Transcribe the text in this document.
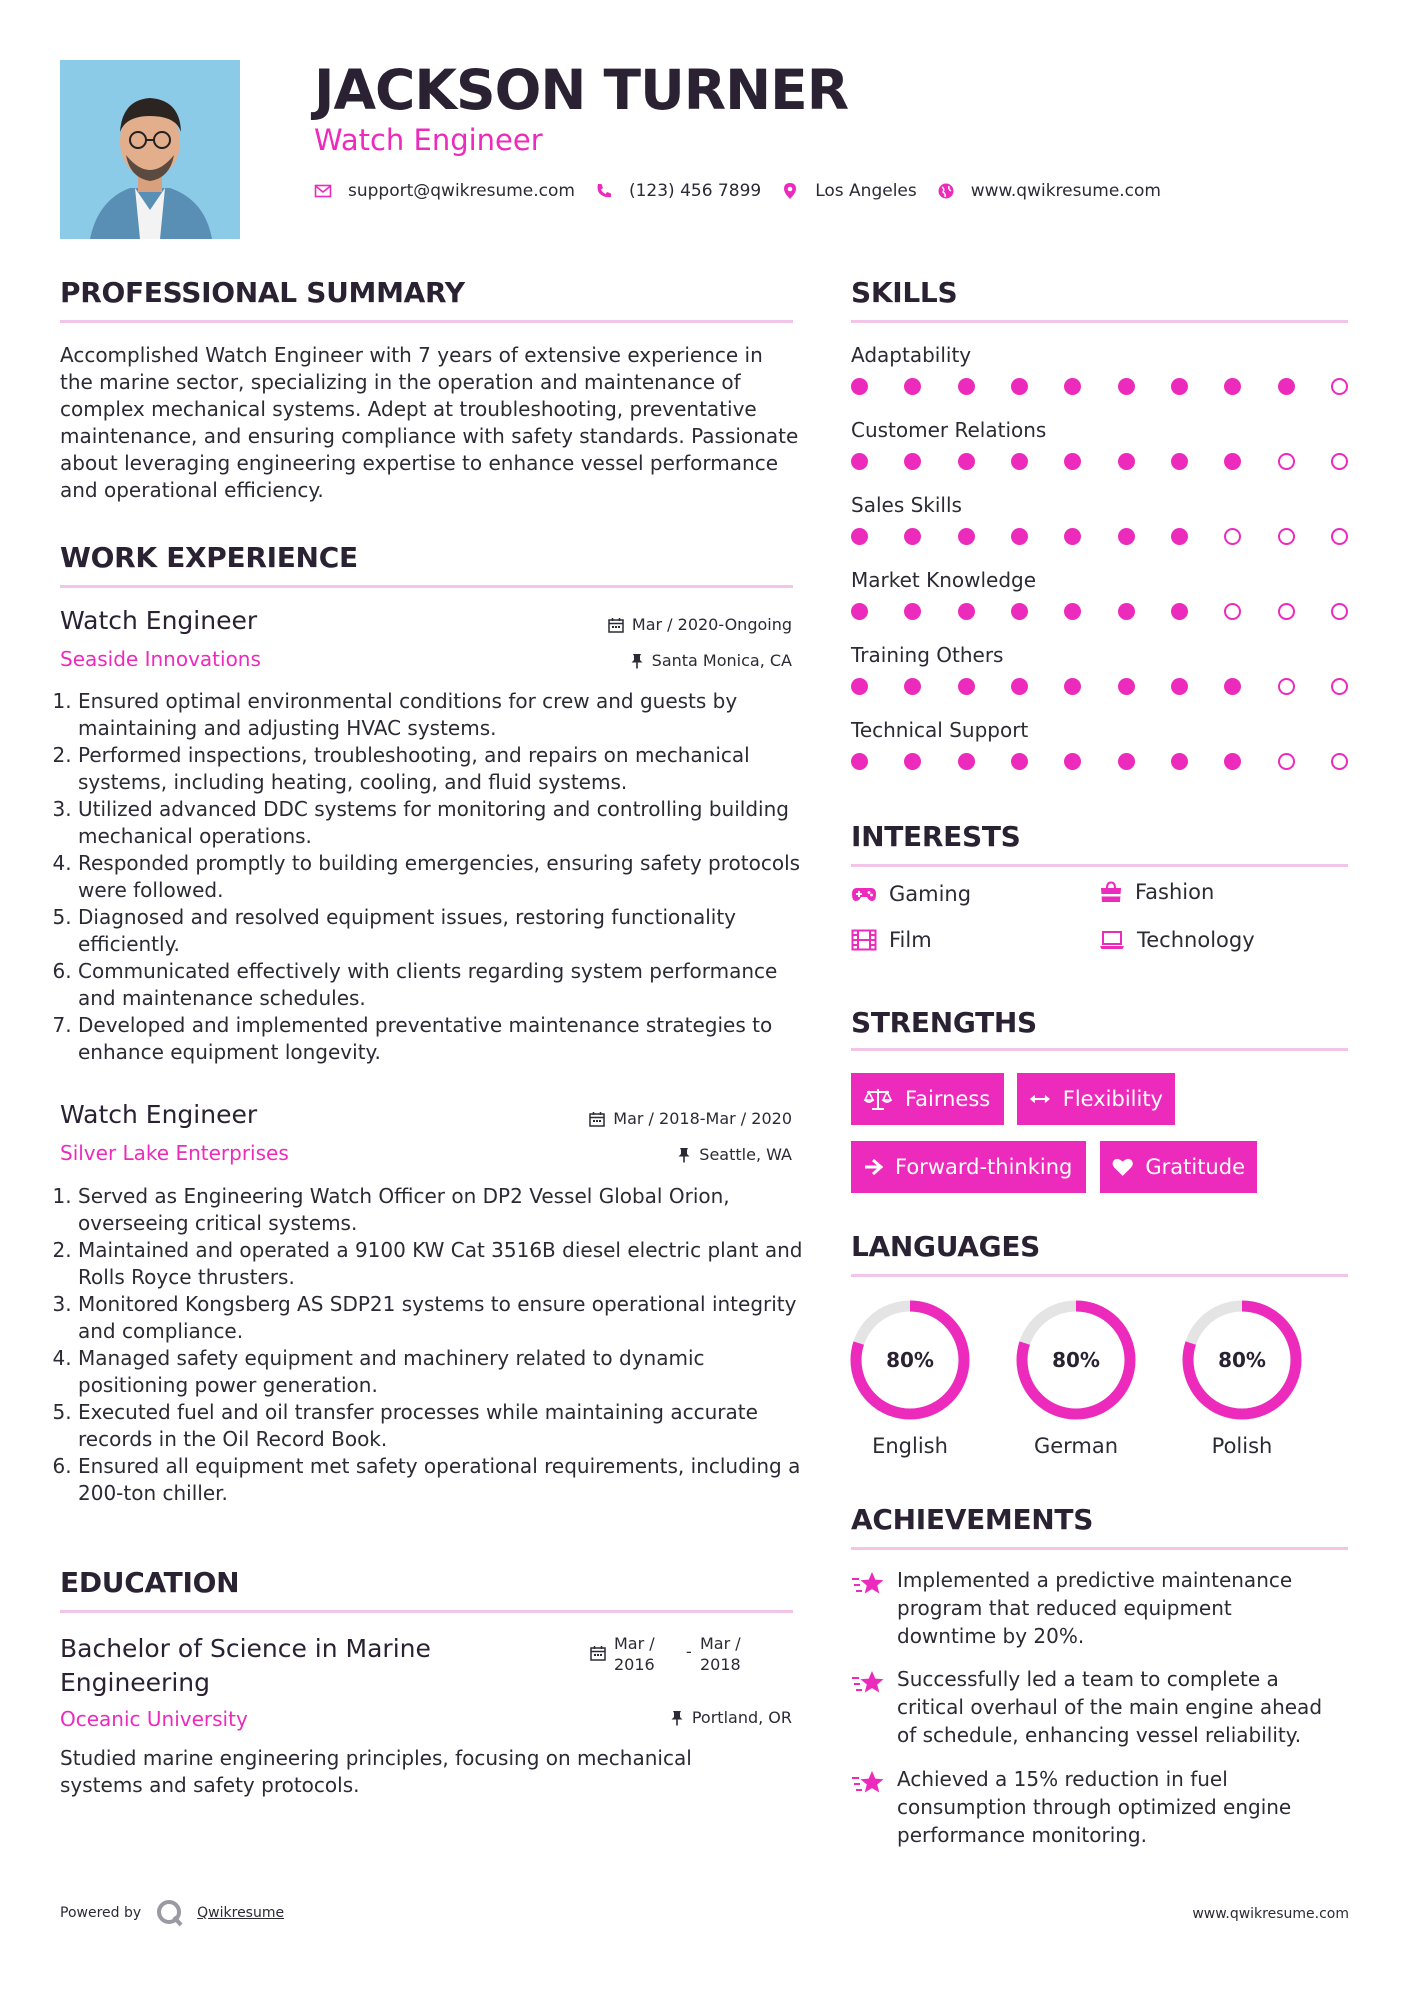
JACKSON TURNER
Watch Engineer
support@qwikresume.com	(123) 456 7899	Los Angeles	www.qwikresume.com
PROFESSIONAL SUMMARY
Accomplished Watch Engineer with 7 years of extensive experience in the marine sector, specializing in the operation and maintenance of complex mechanical systems. Adept at troubleshooting, preventative maintenance, and ensuring compliance with safety standards. Passionate about leveraging engineering expertise to enhance vessel performance and operational efficiency.
WORK EXPERIENCE
Watch Engineer
Seaside Innovations
Mar / 2020-Ongoing
Santa Monica, CA
1. Ensured optimal environmental conditions for crew and guests by maintaining and adjusting HVAC systems.
2. Performed inspections, troubleshooting, and repairs on mechanical systems, including heating, cooling, and fluid systems.
3. Utilized advanced DDC systems for monitoring and controlling building mechanical operations.
4. Responded promptly to building emergencies, ensuring safety protocols were followed.
5. Diagnosed and resolved equipment issues, restoring functionality efficiently.
6. Communicated effectively with clients regarding system performance and maintenance schedules.
7. Developed and implemented preventative maintenance strategies to enhance equipment longevity.
Watch Engineer
Silver Lake Enterprises
Mar / 2018-Mar / 2020
Seattle, WA
1. Served as Engineering Watch Officer on DP2 Vessel Global Orion, overseeing critical systems.
2. Maintained and operated a 9100 KW Cat 3516B diesel electric plant and Rolls Royce thrusters.
3. Monitored Kongsberg AS SDP21 systems to ensure operational integrity and compliance.
4. Managed safety equipment and machinery related to dynamic positioning power generation.
5. Executed fuel and oil transfer processes while maintaining accurate records in the Oil Record Book.
6. Ensured all equipment met safety operational requirements, including a 200-ton chiller.
EDUCATION
Bachelor of Science in Marine
Engineering
Oceanic University
Mar /
2016
- Mar /
2018
Portland, OR
Studied marine engineering principles, focusing on mechanical systems and safety protocols.
SKILLS
Adaptability
Customer Relations
Sales Skills
Market Knowledge
Training Others
Technical Support
INTERESTS
Gaming	Fashion
Film	Technology
STRENGTHS
Fairness	Flexibility
Forward-thinking	Gratitude
LANGUAGES
80%
English
80%
German
80%
Polish
ACHIEVEMENTS
Implemented a predictive maintenance program that reduced equipment downtime by 20%.
Successfully led a team to complete a critical overhaul of the main engine ahead of schedule, enhancing vessel reliability.
Achieved a 15% reduction in fuel consumption through optimized engine performance monitoring.
Powered by	Qwikresume	www.qwikresume.com
